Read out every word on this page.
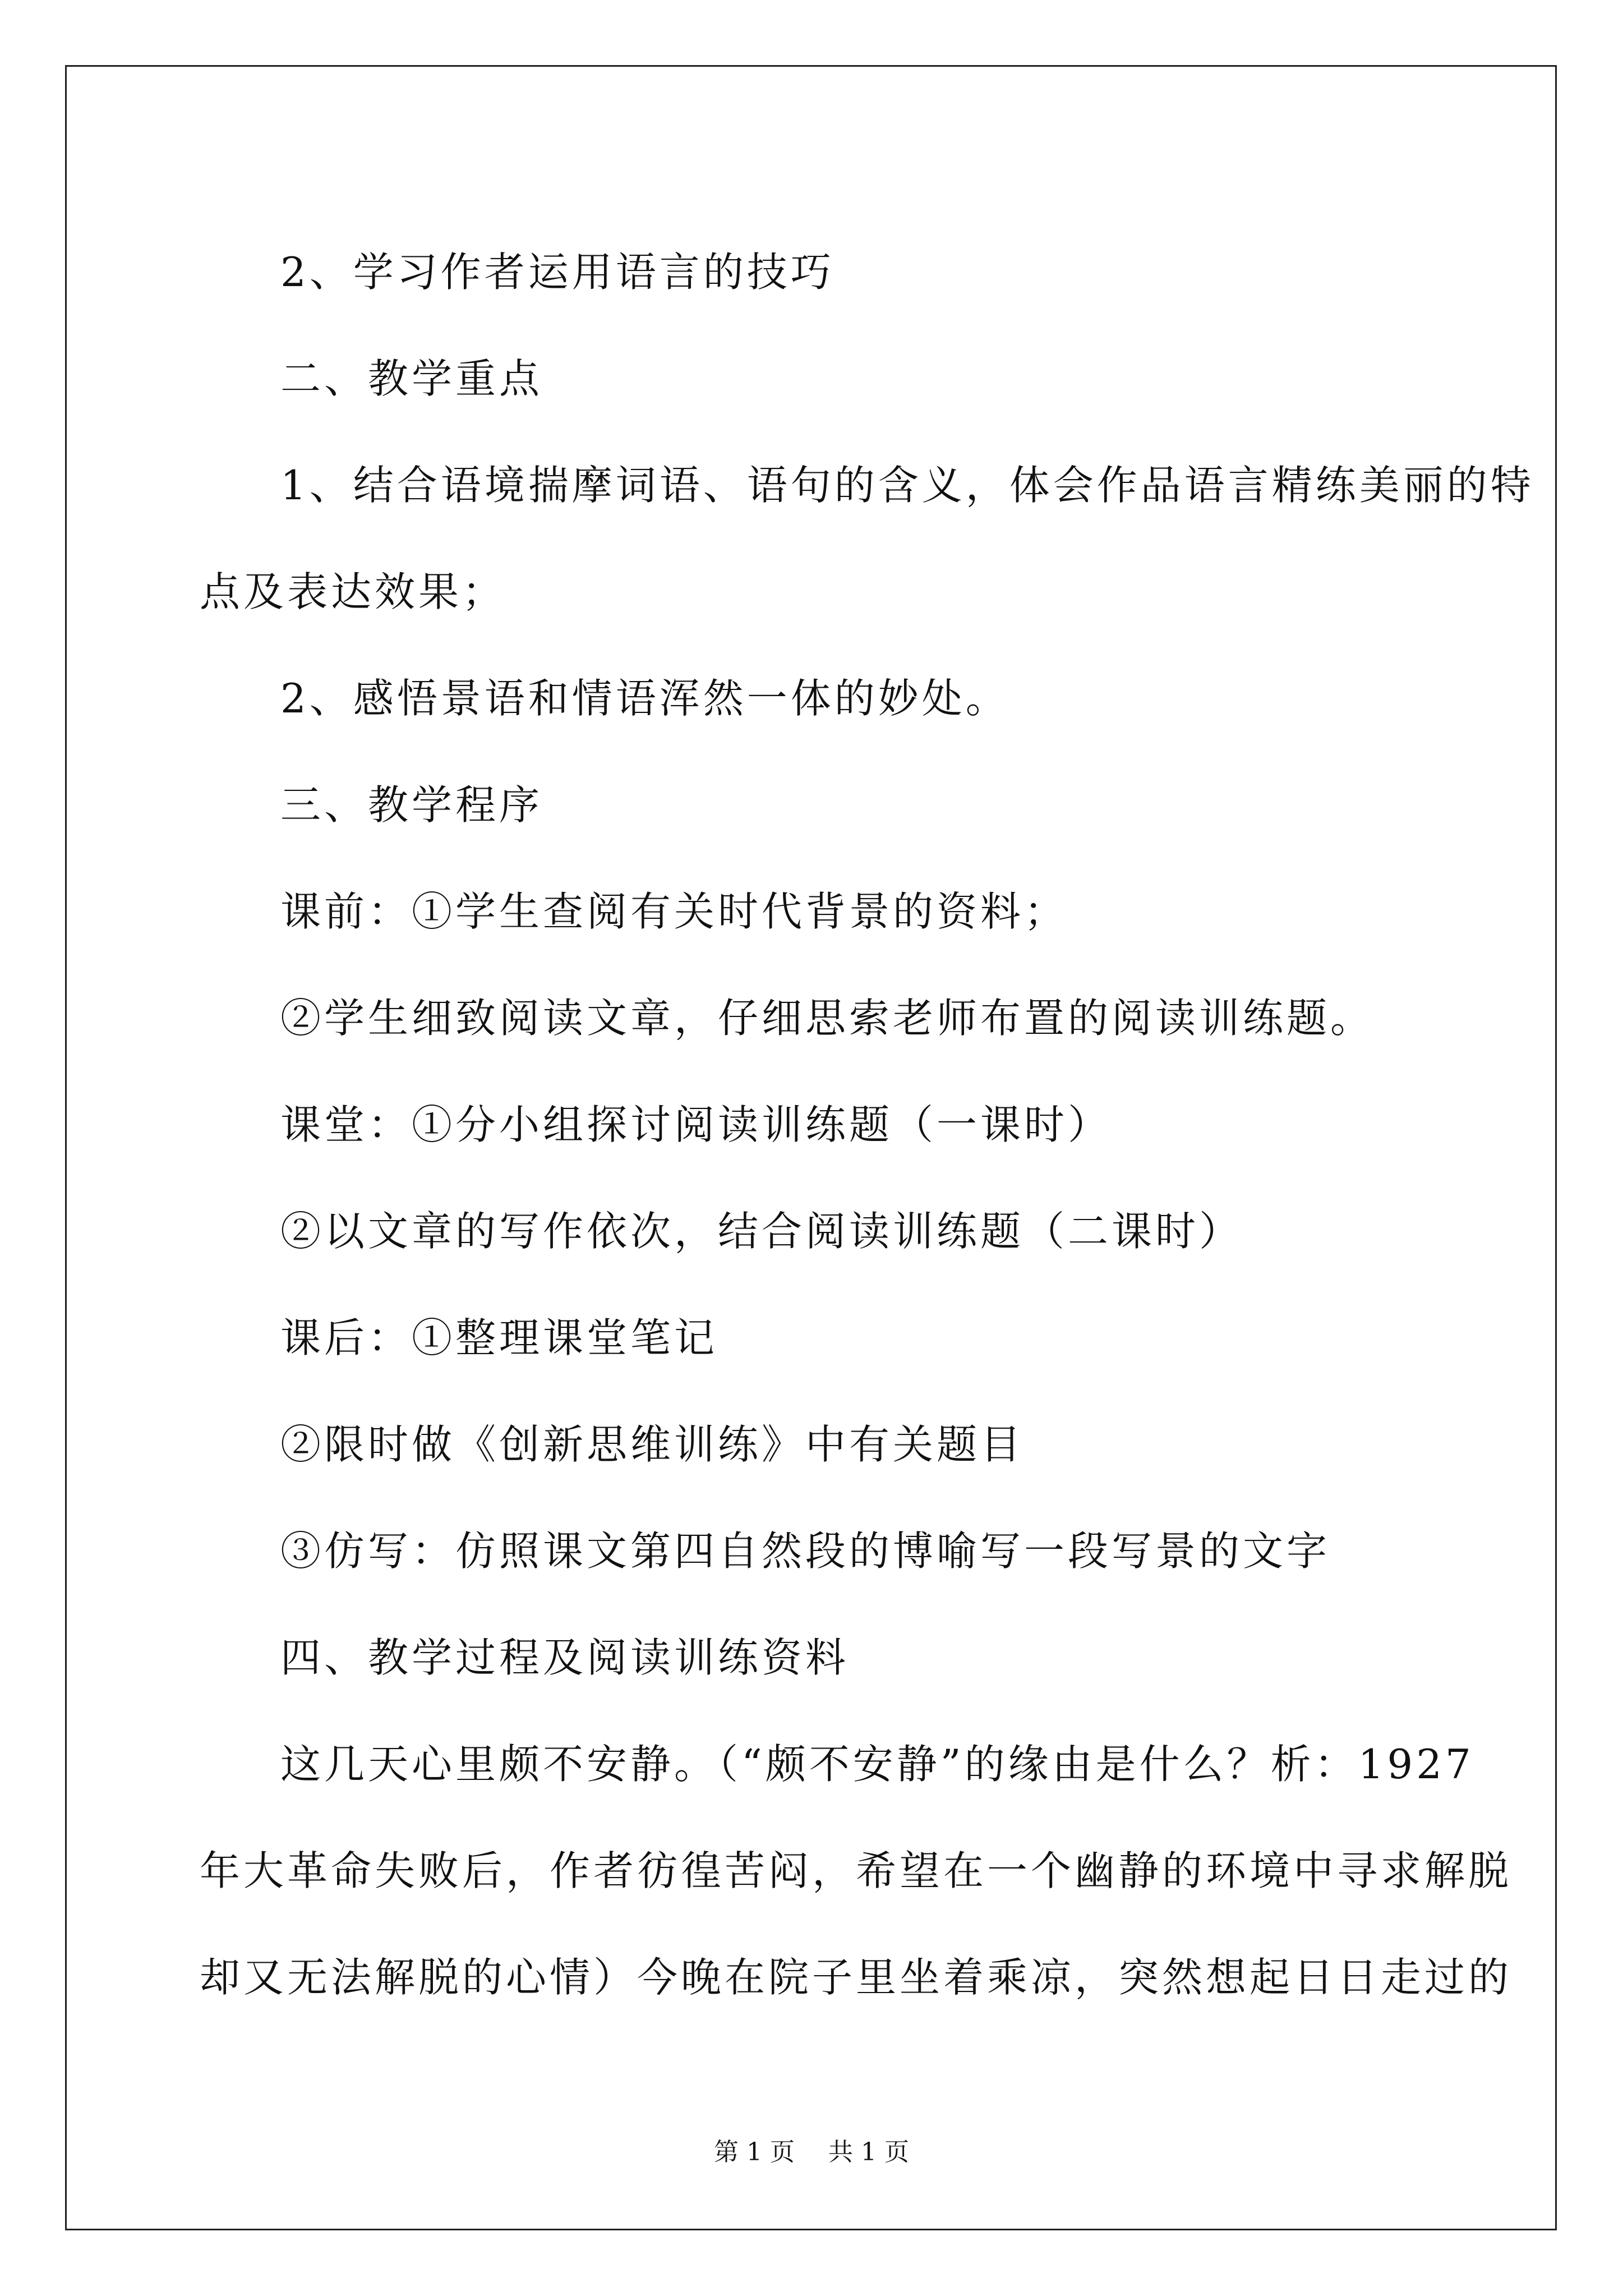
2、学习作者运用语言的技巧

二、教学重点

1、结合语境揣摩词语、语句的含义，体会作品语言精练美丽的特

点及表达效果；

2、感悟景语和情语浑然一体的妙处。

三、教学程序

课前：①学生查阅有关时代背景的资料；

②学生细致阅读文章，仔细思索老师布置的阅读训练题。

课堂：①分小组探讨阅读训练题（一课时）

②以文章的写作依次，结合阅读训练题（二课时）

课后：①整理课堂笔记

②限时做《创新思维训练》中有关题目

③仿写：仿照课文第四自然段的博喻写一段写景的文字

四、教学过程及阅读训练资料

这几天心里颇不安静。（“颇不安静”的缘由是什么？析：1927

年大革命失败后，作者彷徨苦闷，希望在一个幽静的环境中寻求解脱

却又无法解脱的心情）今晚在院子里坐着乘凉，突然想起日日走过的

第 1 页 共 1 页
